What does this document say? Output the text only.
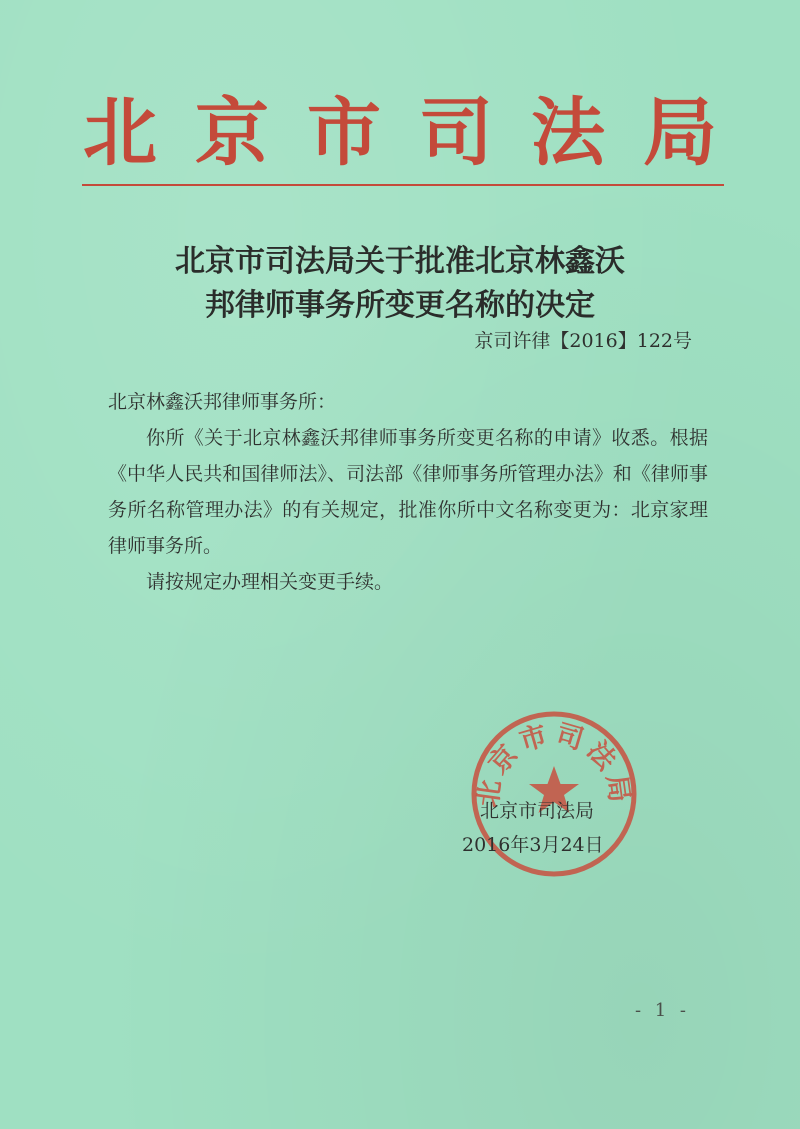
北京市司法局
北京市司法局关于批准北京林鑫沃
邦律师事务所变更名称的决定
京司许律【2016】122号

北京林鑫沃邦律师事务所：

你所《关于北京林鑫沃邦律师事务所变更名称的申请》收悉。根据《中华人民共和国律师法》、司法部《律师事务所管理办法》和《律师事务所名称管理办法》的有关规定，批准你所中文名称变更为：北京家理律师事务所。

请按规定办理相关变更手续。

北京市司法局
北京市司法局
2016年3月24日
- 1 -
